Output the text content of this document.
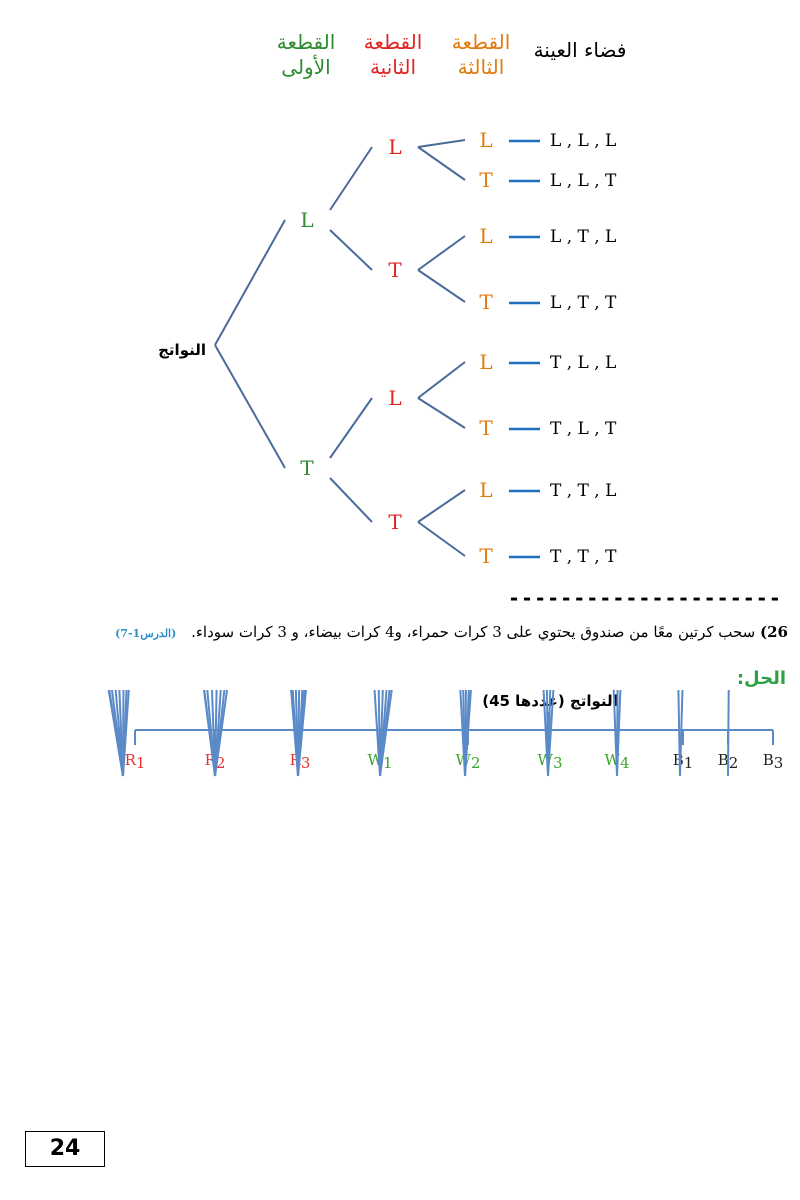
القطعة
الأولى
القطعة
الثانية
القطعة
الثالثة
فضاء العينة
النواتج
L
T
L
T
L
T
L
T
L
T
L
T
L
T
L , L , L
L , L , T
L , T , L
L , T , T
T , L , L
T , L , T
T , T , L
T , T , T
---------------------
26) سحب كرتين معًا من صندوق يحتوي على 3 كرات حمراء، و4 كرات بيضاء، و 3 كرات سوداء. (الدرس1-7)
الحل:
النواتج (عددها 45)
R1	R2	R3	W1	W2	W3	W4	B1 B2 B3
24
